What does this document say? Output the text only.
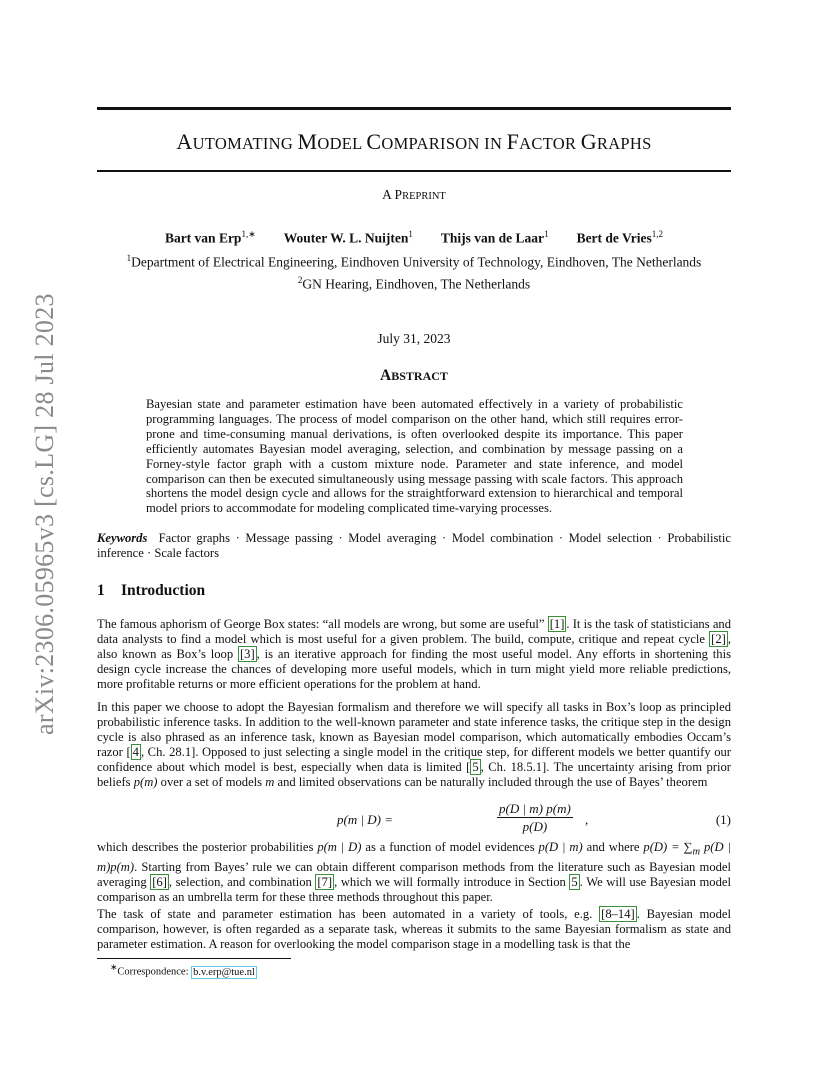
arXiv:2306.05965v3 [cs.LG] 28 Jul 2023
AUTOMATING MODEL COMPARISON IN FACTOR GRAPHS
A PREPRINT
Bart van Erp$^{1,∗}$ Wouter W. L. Nuijten$^1$ Thijs van de Laar$^1$ Bert de Vries$^{1,2}$
$^1$Department of Electrical Engineering, Eindhoven University of Technology, Eindhoven, The Netherlands
$^2$GN Hearing, Eindhoven, The Netherlands
July 31, 2023
ABSTRACT
Bayesian state and parameter estimation have been automated effectively in a variety of probabilistic programming languages. The process of model comparison on the other hand, which still requires error-prone and time-consuming manual derivations, is often overlooked despite its importance. This paper efficiently automates Bayesian model averaging, selection, and combination by message passing on a Forney-style factor graph with a custom mixture node. Parameter and state inference, and model comparison can then be executed simultaneously using message passing with scale factors. This approach shortens the model design cycle and allows for the straightforward extension to hierarchical and temporal model priors to accommodate for modeling complicated time-varying processes.
Keywords Factor graphs · Message passing · Model averaging · Model combination · Model selection · Probabilistic inference · Scale factors
1 Introduction
The famous aphorism of George Box states: “all models are wrong, but some are useful” [1] . It is the task of statisticians and data analysts to find a model which is most useful for a given problem. The build, compute, critique and repeat cycle [2] , also known as Box’s loop [3] , is an iterative approach for finding the most useful model. Any efforts in shortening this design cycle increase the chances of developing more useful models, which in turn might yield more reliable predictions, more profitable returns or more efficient operations for the problem at hand.
In this paper we choose to adopt the Bayesian formalism and therefore we will specify all tasks in Box’s loop as principled probabilistic inference tasks. In addition to the well-known parameter and state inference tasks, the critique step in the design cycle is also phrased as an inference task, known as Bayesian model comparison, which automatically embodies Occam’s razor [ 4 , Ch. 28.1]. Opposed to just selecting a single model in the critique step, for different models we better quantify our confidence about which model is best, especially when data is limited [ 5 , Ch. 18.5.1]. The uncertainty arising from prior beliefs p(m) over a set of models m and limited observations can be naturally included through the use of Bayes’ theorem
p(m | D) =	$\frac{p(D | m) p(m)}{p(D)}$ ,	(1)
which describes the posterior probabilities p(m | D) as a function of model evidences p(D | m) and where $p(D) = \sum_m$ p(D | m)p(m). Starting from Bayes’ rule we can obtain different comparison methods from the literature such as Bayesian model averaging [6] , selection, and combination [7] , which we will formally introduce in Section 5 . We will use Bayesian model comparison as an umbrella term for these three methods throughout this paper.
The task of state and parameter estimation has been automated in a variety of tools, e.g. [8–14] . Bayesian model comparison, however, is often regarded as a separate task, whereas it submits to the same Bayesian formalism as state and parameter estimation. A reason for overlooking the model comparison stage in a modelling task is that the
∗Correspondence: b.v.erp@tue.nl
